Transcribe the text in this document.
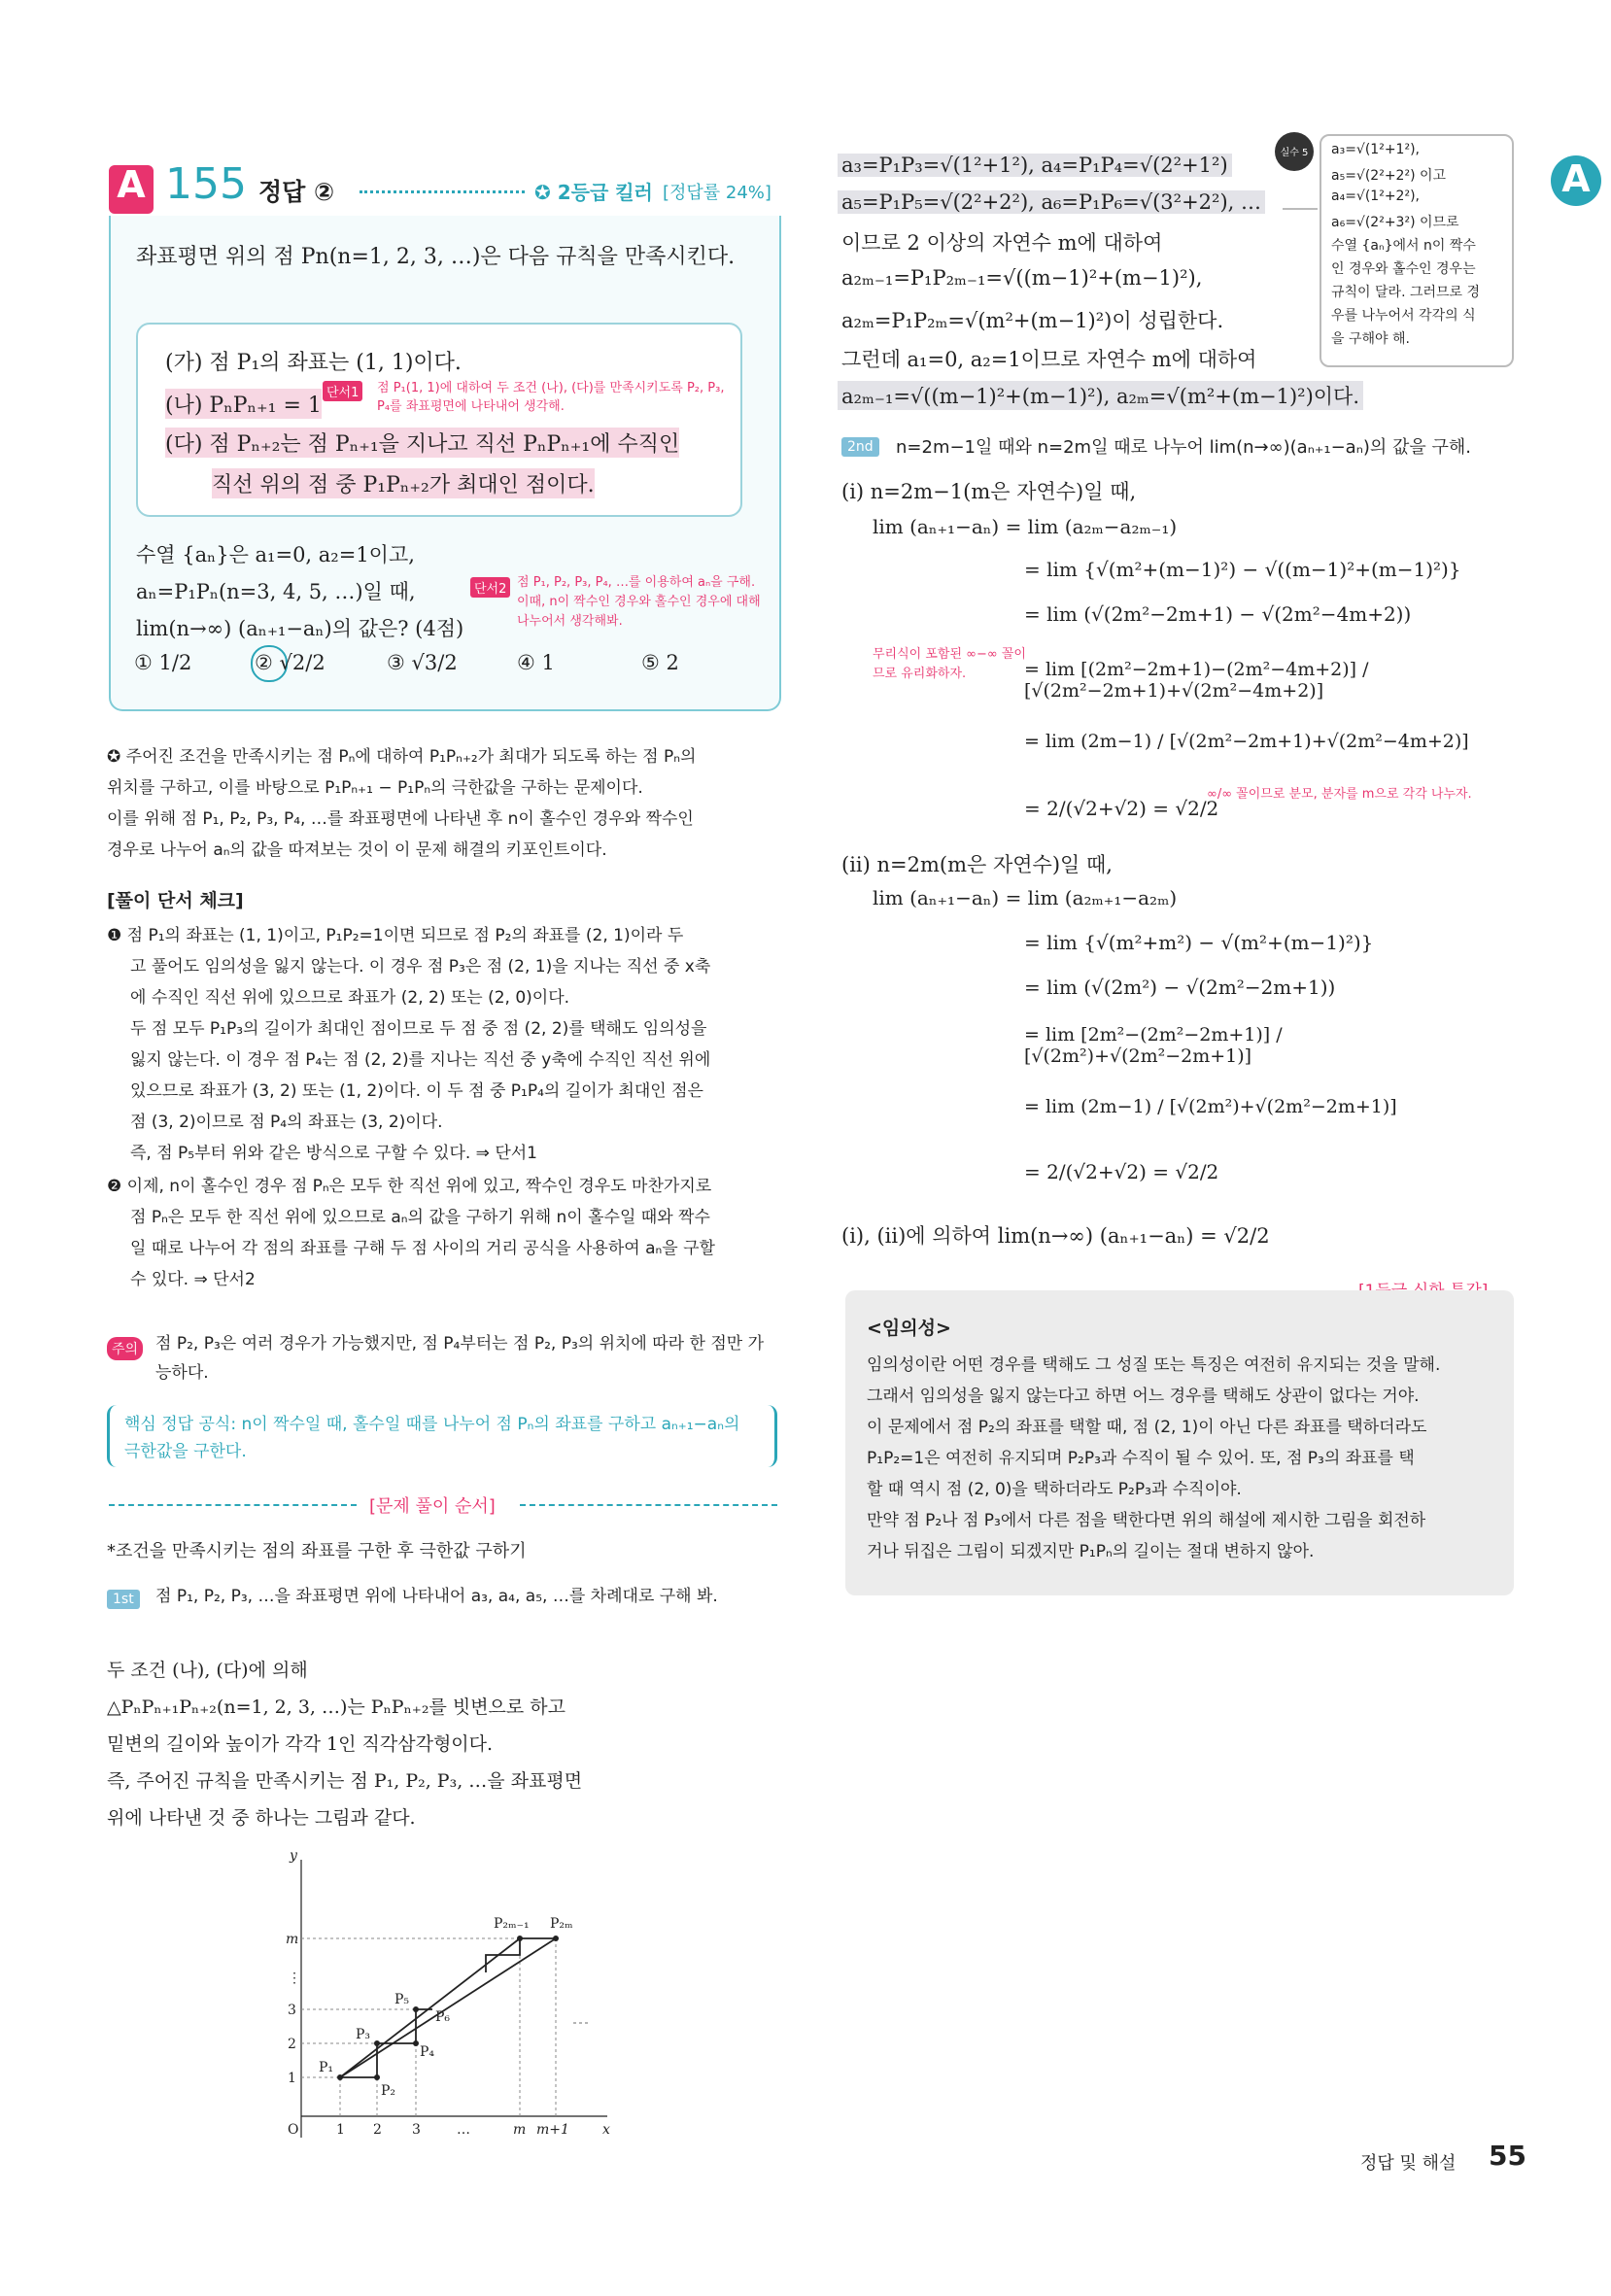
A 155 정답 ②	✪ 2등급 킬러 [정답률 24%]	A
좌표평면 위의 점 Pn(n=1, 2, 3, …)은 다음 규칙을 만족시킨다.
(가) 점 P₁의 좌표는 (1, 1)이다.
(나) PₙPₙ₊₁ = 1
단서1	점 P₁(1, 1)에 대하여 두 조건 (나), (다)를 만족시키도록 P₂, P₃, P₄를 좌표평면에 나타내어 생각해.
(다) 점 Pₙ₊₂는 점 Pₙ₊₁을 지나고 직선 PₙPₙ₊₁에 수직인
직선 위의 점 중 P₁Pₙ₊₂가 최대인 점이다.
수열 {aₙ}은 a₁=0, a₂=1이고, aₙ=P₁Pₙ(n=3, 4, 5, …)일 때, lim(n→∞) (aₙ₊₁−aₙ)의 값은? (4점)
단서2 점 P₁, P₂, P₃, P₄, …를 이용하여 aₙ을 구해. 이때, n이 짝수인 경우와 홀수인 경우에 대해 나누어서 생각해봐.
① 1/2	② √2/2	③ √3/2	④ 1	⑤ 2
✪ 주어진 조건을 만족시키는 점 Pₙ에 대하여 P₁Pₙ₊₂가 최대가 되도록 하는 점 Pₙ의
위치를 구하고, 이를 바탕으로 P₁Pₙ₊₁ − P₁Pₙ의 극한값을 구하는 문제이다.
이를 위해 점 P₁, P₂, P₃, P₄, …를 좌표평면에 나타낸 후 n이 홀수인 경우와 짝수인
경우로 나누어 aₙ의 값을 따져보는 것이 이 문제 해결의 키포인트이다.
[풀이 단서 체크]
❶ 점 P₁의 좌표는 (1, 1)이고, P₁P₂=1이면 되므로 점 P₂의 좌표를 (2, 1)이라 두
고 풀어도 임의성을 잃지 않는다. 이 경우 점 P₃은 점 (2, 1)을 지나는 직선 중 x축
에 수직인 직선 위에 있으므로 좌표가 (2, 2) 또는 (2, 0)이다.
두 점 모두 P₁P₃의 길이가 최대인 점이므로 두 점 중 점 (2, 2)를 택해도 임의성을
잃지 않는다. 이 경우 점 P₄는 점 (2, 2)를 지나는 직선 중 y축에 수직인 직선 위에
있으므로 좌표가 (3, 2) 또는 (1, 2)이다. 이 두 점 중 P₁P₄의 길이가 최대인 점은
점 (3, 2)이므로 점 P₄의 좌표는 (3, 2)이다.
즉, 점 P₅부터 위와 같은 방식으로 구할 수 있다. ⇒ 단서1
❷ 이제, n이 홀수인 경우 점 Pₙ은 모두 한 직선 위에 있고, 짝수인 경우도 마찬가지로
점 Pₙ은 모두 한 직선 위에 있으므로 aₙ의 값을 구하기 위해 n이 홀수일 때와 짝수
일 때로 나누어 각 점의 좌표를 구해 두 점 사이의 거리 공식을 사용하여 aₙ을 구할
수 있다. ⇒ 단서2
주의 점 P₂, P₃은 여러 경우가 가능했지만, 점 P₄부터는 점 P₂, P₃의 위치에 따라 한 점만 가능하다.
핵심 정답 공식: n이 짝수일 때, 홀수일 때를 나누어 점 Pₙ의 좌표를 구하고 aₙ₊₁−aₙ의 극한값을 구한다.
[문제 풀이 순서]
*조건을 만족시키는 점의 좌표를 구한 후 극한값 구하기
1st	점 P₁, P₂, P₃, …을 좌표평면 위에 나타내어 a₃, a₄, a₅, …를 차례대로 구해 봐.
두 조건 (나), (다)에 의해
△PₙPₙ₊₁Pₙ₊₂(n=1, 2, 3, …)는 PₙPₙ₊₂를 빗변으로 하고
밑변의 길이와 높이가 각각 1인 직각삼각형이다.
즉, 주어진 규칙을 만족시키는 점 P₁, P₂, P₃, …을 좌표평면
위에 나타낸 것 중 하나는 그림과 같다.
y
m
⋮
3
2
1
O	1 2 3	…	m m+1 x
P₁
P₂
P₃
P₄
P₅
P₆
P₂ₘ₋₁ P₂ₘ
a₃=P₁P₃=√(1²+1²), a₄=P₁P₄=√(2²+1²)
a₅=P₁P₅=√(2²+2²), a₆=P₁P₆=√(3²+2²), …
이므로 2 이상의 자연수 m에 대하여
a₂ₘ₋₁=P₁P₂ₘ₋₁=√((m−1)²+(m−1)²),
a₂ₘ=P₁P₂ₘ=√(m²+(m−1)²)이 성립한다.
그런데 a₁=0, a₂=1이므로 자연수 m에 대하여
a₂ₘ₋₁=√((m−1)²+(m−1)²), a₂ₘ=√(m²+(m−1)²)이다.
실수 5	a₃=√(1²+1²),
a₅=√(2²+2²) 이고
a₄=√(1²+2²),
a₆=√(2²+3²) 이므로
수열 {aₙ}에서 n이 짝수
인 경우와 홀수인 경우는
규칙이 달라. 그러므로 경
우를 나누어서 각각의 식
을 구해야 해.
2nd	n=2m−1일 때와 n=2m일 때로 나누어 lim(n→∞)(aₙ₊₁−aₙ)의 값을 구해.
(i) n=2m−1(m은 자연수)일 때,
lim (aₙ₊₁−aₙ) = lim (a₂ₘ−a₂ₘ₋₁)
= lim {√(m²+(m−1)²) − √((m−1)²+(m−1)²)}
= lim (√(2m²−2m+1) − √(2m²−4m+2))
무리식이 포함된 ∞−∞ 꼴이므로 유리화하자.	= lim [(2m²−2m+1)−(2m²−4m+2)] / [√(2m²−2m+1)+√(2m²−4m+2)]
= lim (2m−1) / [√(2m²−2m+1)+√(2m²−4m+2)]
= 2/(√2+√2) = √2/2
∞/∞ 꼴이므로 분모, 분자를 m으로 각각 나누자.
(ii) n=2m(m은 자연수)일 때,
lim (aₙ₊₁−aₙ) = lim (a₂ₘ₊₁−a₂ₘ)
= lim {√(m²+m²) − √(m²+(m−1)²)}
= lim (√(2m²) − √(2m²−2m+1))
= lim [2m²−(2m²−2m+1)] / [√(2m²)+√(2m²−2m+1)]
= lim (2m−1) / [√(2m²)+√(2m²−2m+1)]
= 2/(√2+√2) = √2/2
(i), (ii)에 의하여 lim(n→∞) (aₙ₊₁−aₙ) = √2/2
<임의성>
임의성이란 어떤 경우를 택해도 그 성질 또는 특징은 여전히 유지되는 것을 말해.
그래서 임의성을 잃지 않는다고 하면 어느 경우를 택해도 상관이 없다는 거야.
이 문제에서 점 P₂의 좌표를 택할 때, 점 (2, 1)이 아닌 다른 좌표를 택하더라도
P₁P₂=1은 여전히 유지되며 P₂P₃과 수직이 될 수 있어. 또, 점 P₃의 좌표를 택
할 때 역시 점 (2, 0)을 택하더라도 P₂P₃과 수직이야.
만약 점 P₂나 점 P₃에서 다른 점을 택한다면 위의 해설에 제시한 그림을 회전하
거나 뒤집은 그림이 되겠지만 P₁Pₙ의 길이는 절대 변하지 않아.
정답 및 해설 55
